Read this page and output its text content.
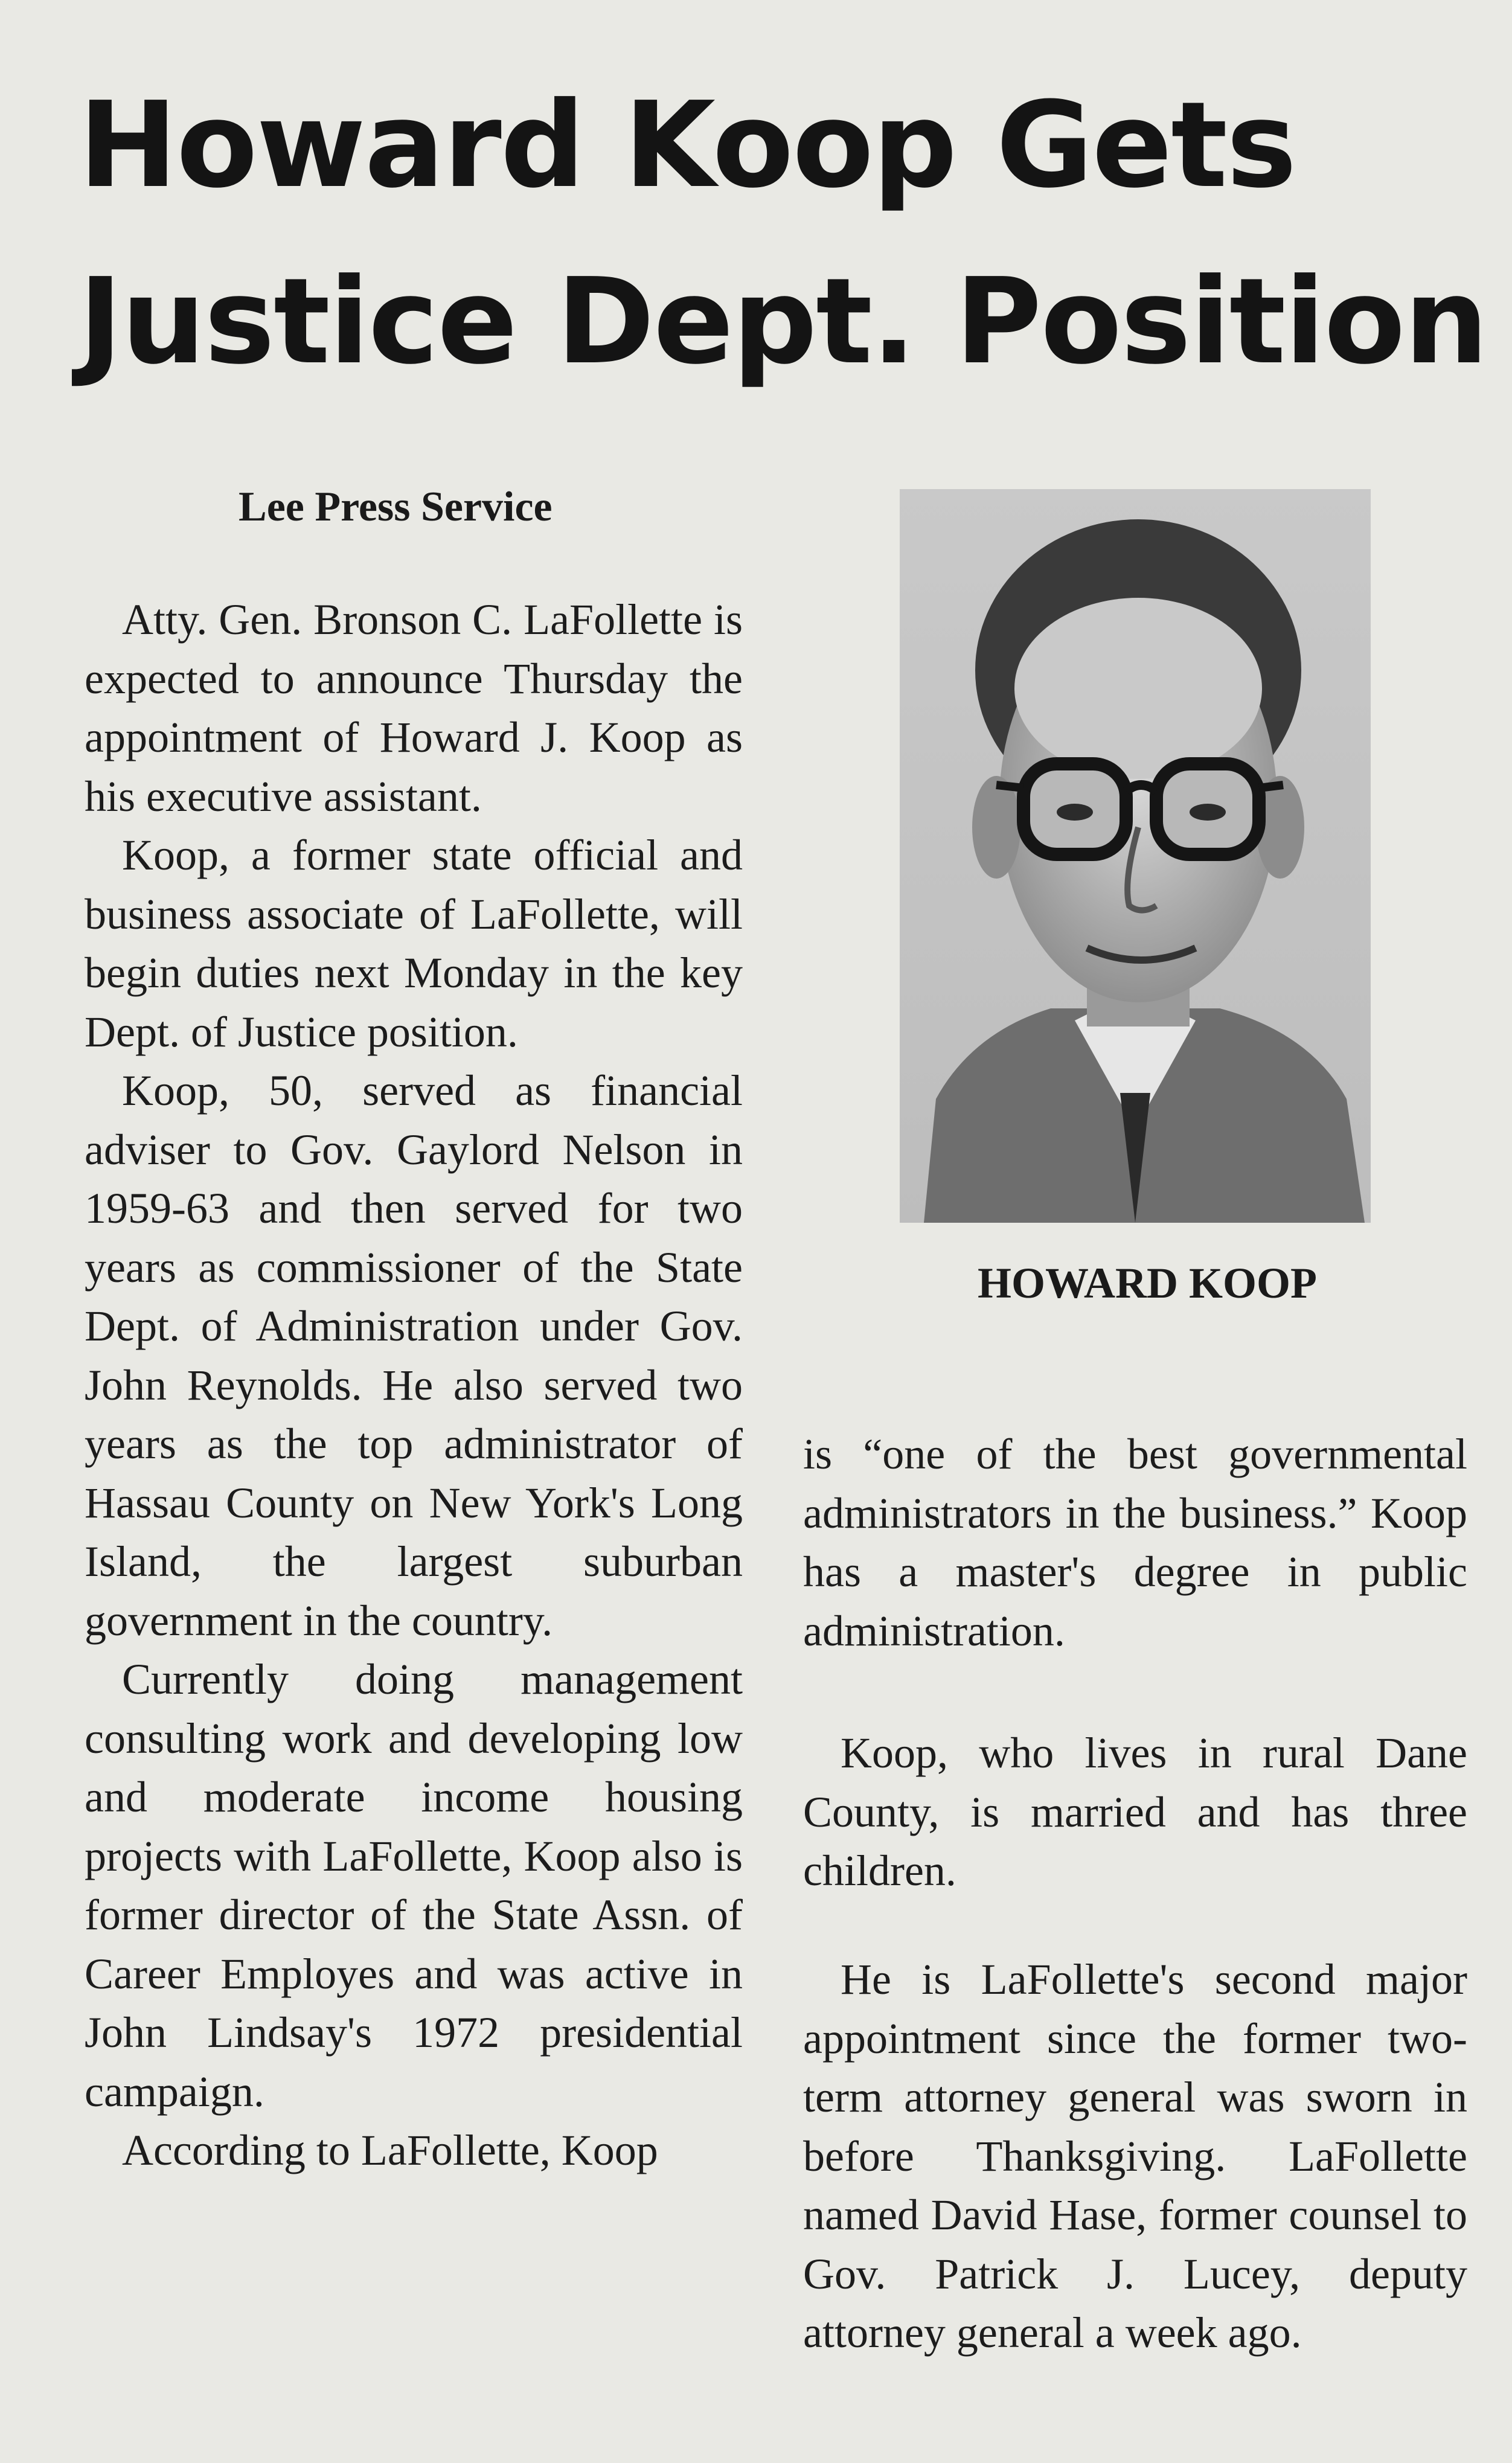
Howard Koop Gets
Justice Dept. Position
Lee Press Service

Atty. Gen. Bronson C. LaFollette is expected to announce Thursday the appointment of Howard J. Koop as his executive assistant.

Koop, a former state official and business associate of LaFollette, will begin duties next Monday in the key Dept. of Justice position.

Koop, 50, served as financial adviser to Gov. Gaylord Nelson in 1959-63 and then served for two years as commissioner of the State Dept. of Administration under Gov. John Reynolds. He also served two years as the top administrator of Hassau County on New York's Long Island, the largest suburban government in the country.

Currently doing management consulting work and developing low and moderate income housing projects with LaFollette, Koop also is former director of the State Assn. of Career Employes and was active in John Lindsay's 1972 presidential campaign.

According to LaFollette, Koop

HOWARD KOOP

is “one of the best governmental administrators in the business.” Koop has a master's degree in public administration.

Koop, who lives in rural Dane County, is married and has three children.

He is LaFollette's second major appointment since the former two-term attorney general was sworn in before Thanksgiving. LaFollette named David Hase, former counsel to Gov. Patrick J. Lucey, deputy attorney general a week ago.
